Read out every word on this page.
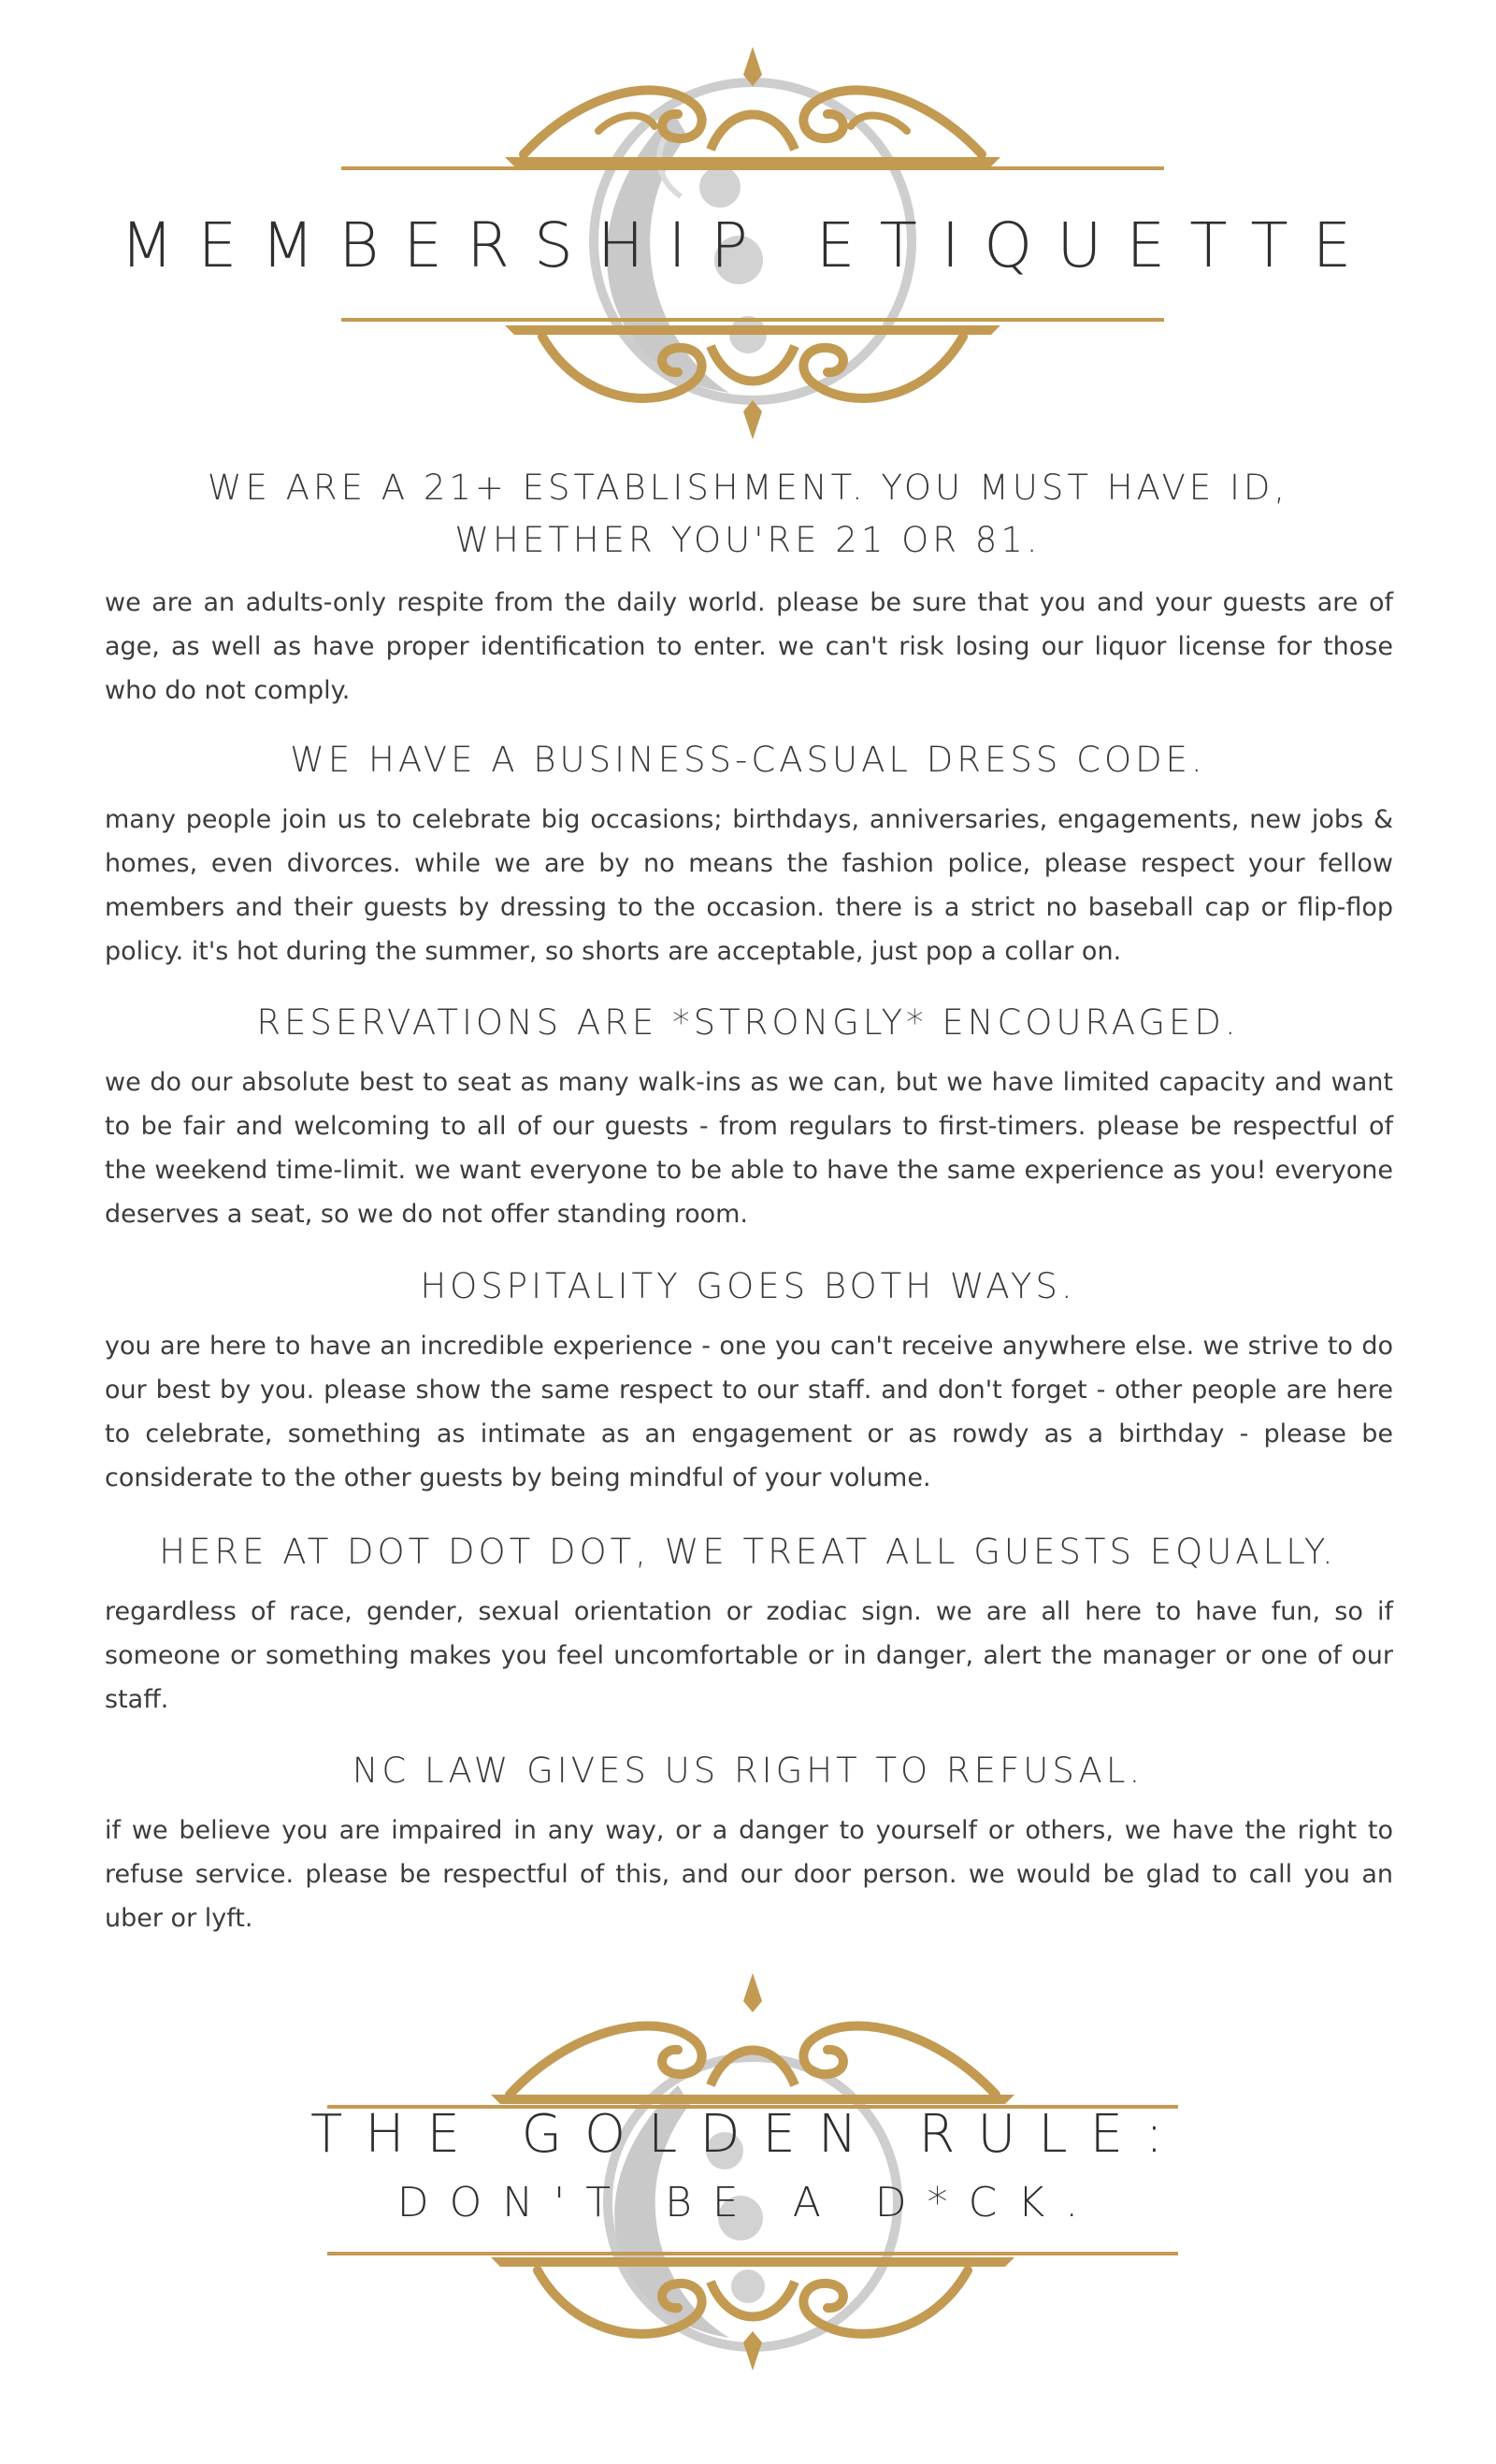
MEMBERSHIP ETIQUETTE
WE ARE A 21+ ESTABLISHMENT. YOU MUST HAVE ID,
WHETHER YOU'RE 21 OR 81.

we are an adults-only respite from the daily world. please be sure that you and your guests are of age, as well as have proper identification to enter. we can't risk losing our liquor license for those who do not comply.

WE HAVE A BUSINESS-CASUAL DRESS CODE.

many people join us to celebrate big occasions; birthdays, anniversaries, engagements, new jobs & homes, even divorces. while we are by no means the fashion police, please respect your fellow members and their guests by dressing to the occasion. there is a strict no baseball cap or flip-flop policy. it's hot during the summer, so shorts are acceptable, just pop a collar on.

RESERVATIONS ARE *STRONGLY* ENCOURAGED.

we do our absolute best to seat as many walk-ins as we can, but we have limited capacity and want to be fair and welcoming to all of our guests - from regulars to first-timers. please be respectful of the weekend time-limit. we want everyone to be able to have the same experience as you! everyone deserves a seat, so we do not offer standing room.

HOSPITALITY GOES BOTH WAYS.

you are here to have an incredible experience - one you can't receive anywhere else. we strive to do our best by you. please show the same respect to our staff. and don't forget - other people are here to celebrate, something as intimate as an engagement or as rowdy as a birthday - please be considerate to the other guests by being mindful of your volume.

HERE AT DOT DOT DOT, WE TREAT ALL GUESTS EQUALLY.

regardless of race, gender, sexual orientation or zodiac sign. we are all here to have fun, so if someone or something makes you feel uncomfortable or in danger, alert the manager or one of our staff.

NC LAW GIVES US RIGHT TO REFUSAL.

if we believe you are impaired in any way, or a danger to yourself or others, we have the right to refuse service. please be respectful of this, and our door person. we would be glad to call you an uber or lyft.

THE GOLDEN RULE:
DON'T BE A D*CK.
